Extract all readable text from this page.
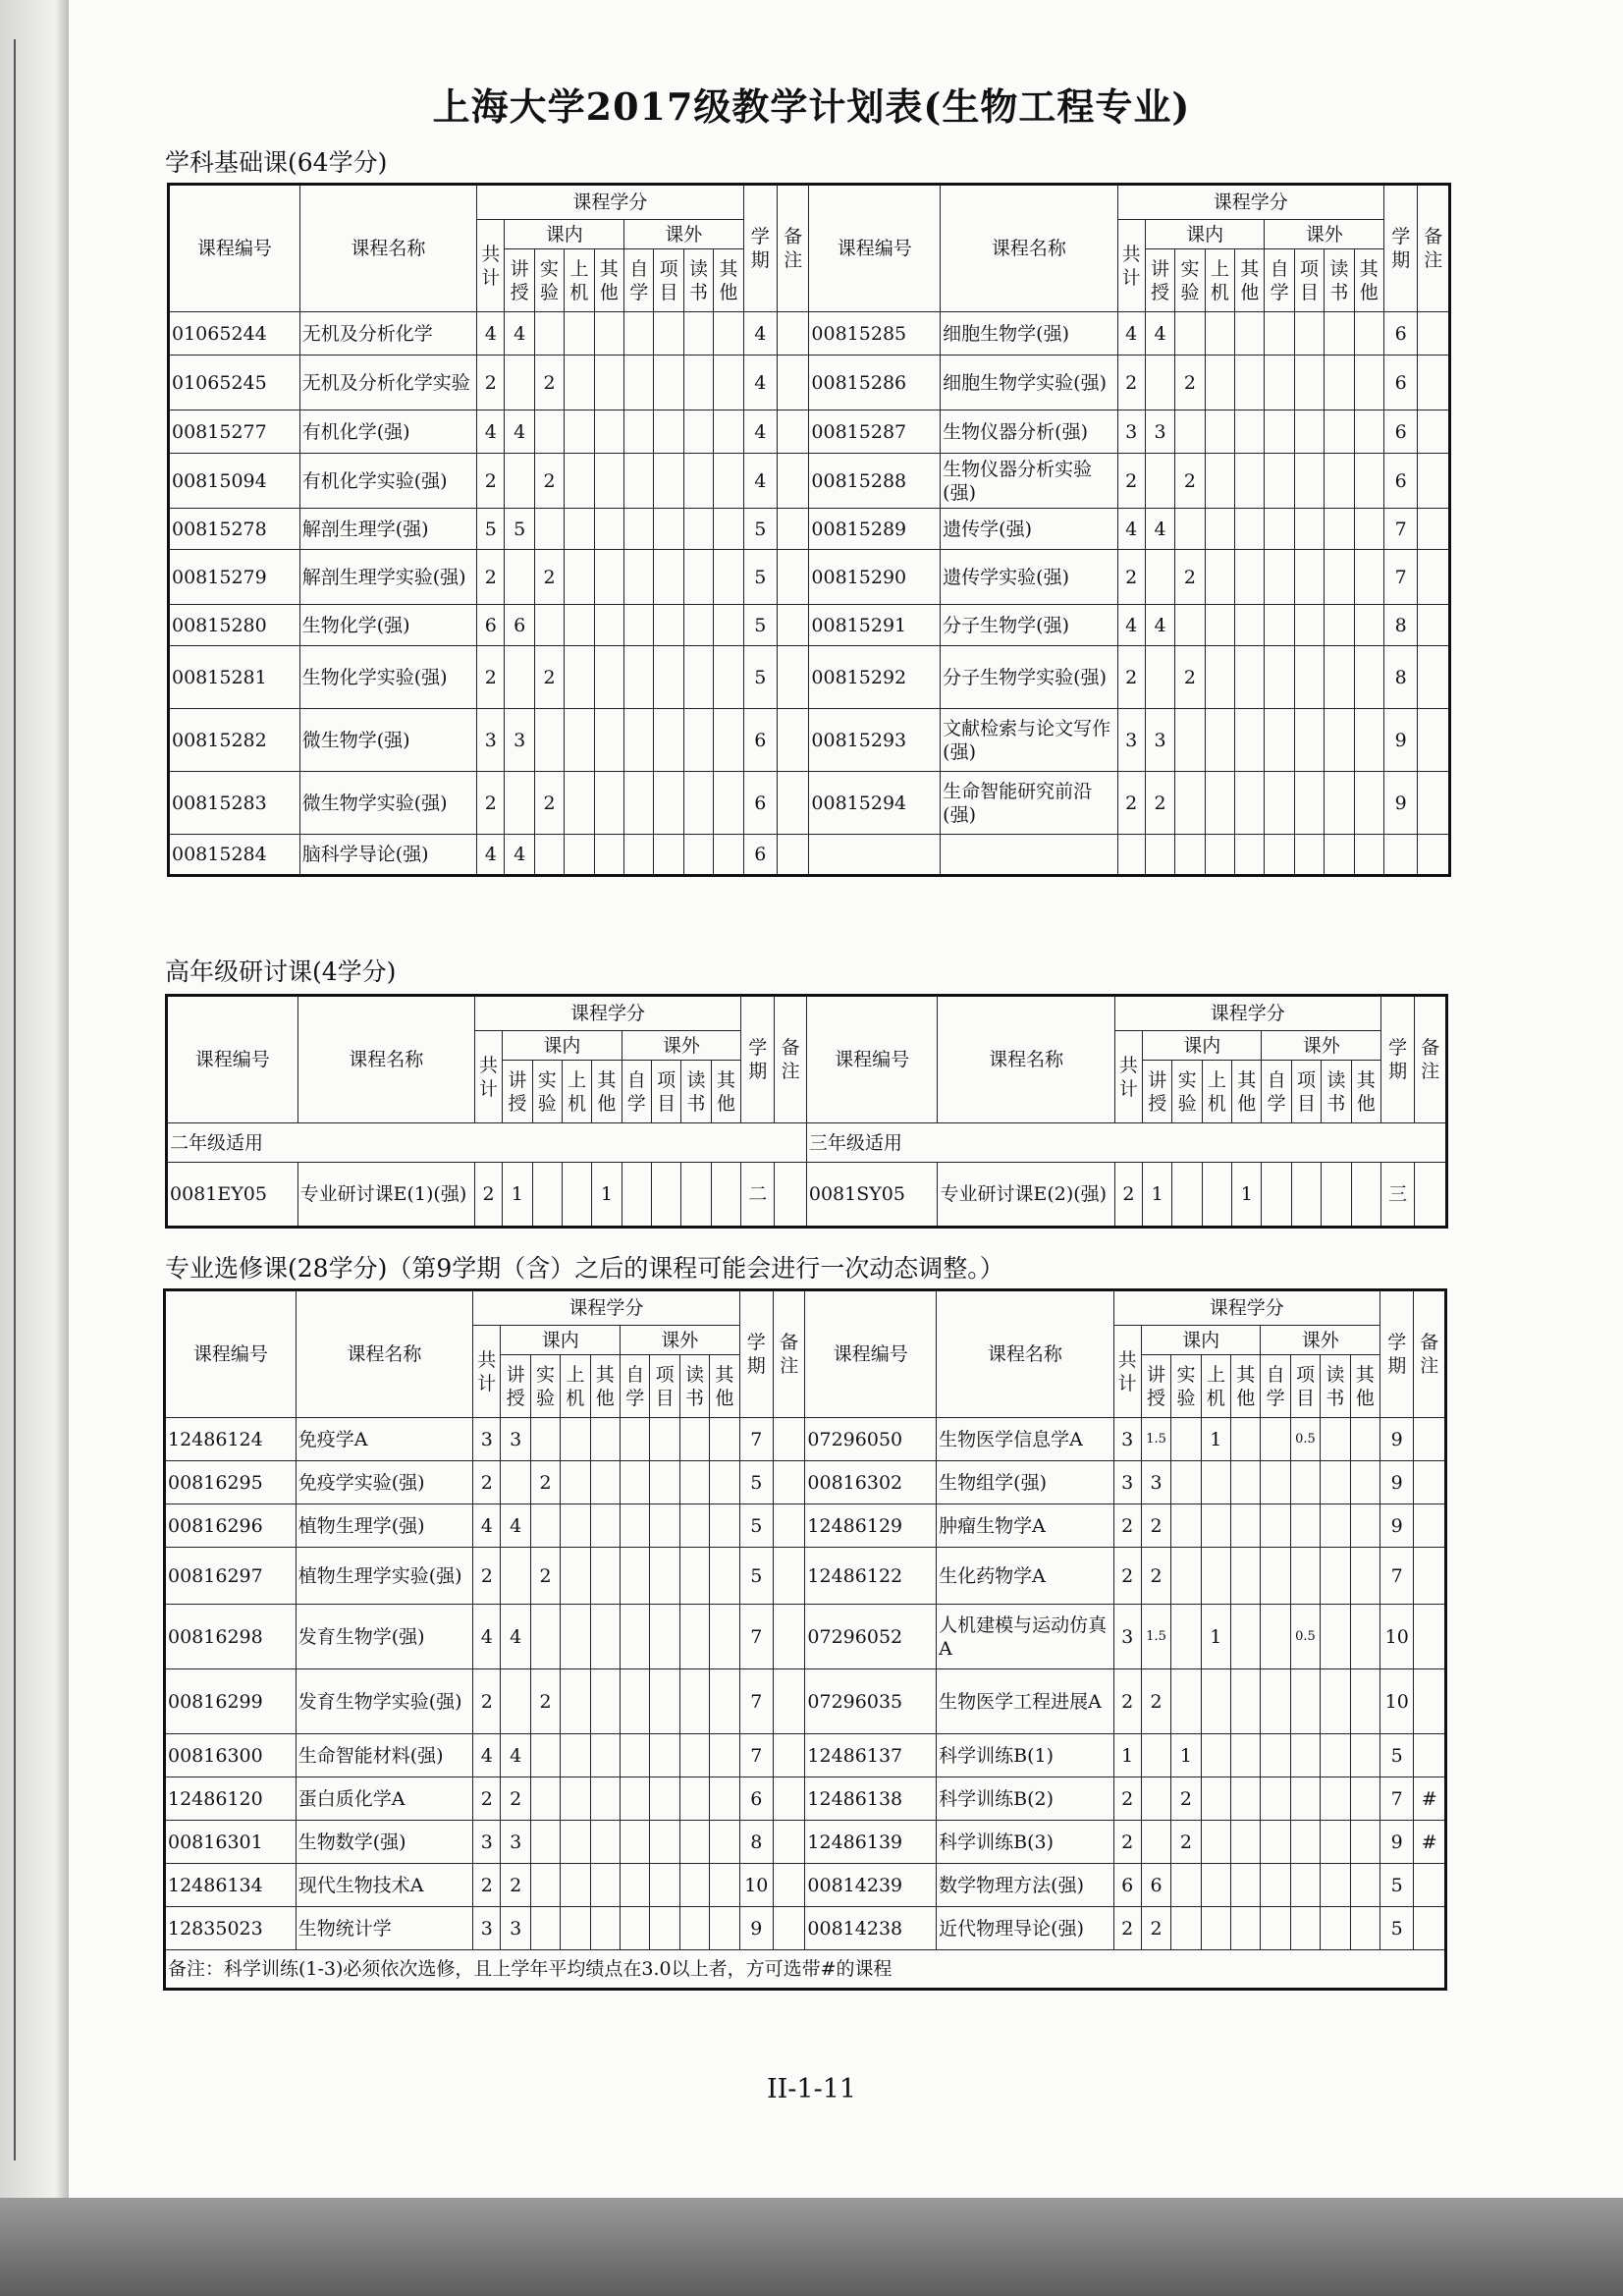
上海大学2017级教学计划表(生物工程专业)
学科基础课(64学分)
课程编号	课程名称	课程学分									学期	备注	课程编号	课程名称	课程学分									学期	备注
		共计	课内				课外								共计	课内				课外					
			讲授	实验	上机	其他	自学	项目	读书	其他						讲授	实验	上机	其他	自学	项目	读书	其他		
01065244	无机及分析化学	4	4								4		00815285	细胞生物学(强)	4	4								6	
01065245	无机及分析化学实验	2		2							4		00815286	细胞生物学实验(强)	2		2							6	
00815277	有机化学(强)	4	4								4		00815287	生物仪器分析(强)	3	3								6	
00815094	有机化学实验(强)	2		2							4		00815288	生物仪器分析实验(强)	2		2							6	
00815278	解剖生理学(强)	5	5								5		00815289	遗传学(强)	4	4								7	
00815279	解剖生理学实验(强)	2		2							5		00815290	遗传学实验(强)	2		2							7	
00815280	生物化学(强)	6	6								5		00815291	分子生物学(强)	4	4								8	
00815281	生物化学实验(强)	2		2							5		00815292	分子生物学实验(强)	2		2							8	
00815282	微生物学(强)	3	3								6		00815293	文献检索与论文写作(强)	3	3								9	
00815283	微生物学实验(强)	2		2							6		00815294	生命智能研究前沿(强)	2	2								9	
00815284	脑科学导论(强)	4	4								6														
高年级研讨课(4学分)
课程编号	课程名称	课程学分									学期	备注	课程编号	课程名称	课程学分									学期	备注
		共计	课内				课外								共计	课内				课外					
			讲授	实验	上机	其他	自学	项目	读书	其他						讲授	实验	上机	其他	自学	项目	读书	其他		
二年级适用													三年级适用												
0081EY05	专业研讨课E(1)(强)	2	1			1					二		0081SY05	专业研讨课E(2)(强)	2	1			1					三	
专业选修课(28学分)（第9学期（含）之后的课程可能会进行一次动态调整。）
课程编号	课程名称	课程学分									学期	备注	课程编号	课程名称	课程学分									学期	备注
		共计	课内				课外								共计	课内				课外					
			讲授	实验	上机	其他	自学	项目	读书	其他						讲授	实验	上机	其他	自学	项目	读书	其他		
12486124	免疫学A	3	3								7		07296050	生物医学信息学A	3	1.5		1			0.5			9	
00816295	免疫学实验(强)	2		2							5		00816302	生物组学(强)	3	3								9	
00816296	植物生理学(强)	4	4								5		12486129	肿瘤生物学A	2	2								9	
00816297	植物生理学实验(强)	2		2							5		12486122	生化药物学A	2	2								7	
00816298	发育生物学(强)	4	4								7		07296052	人机建模与运动仿真A	3	1.5		1			0.5			10	
00816299	发育生物学实验(强)	2		2							7		07296035	生物医学工程进展A	2	2								10	
00816300	生命智能材料(强)	4	4								7		12486137	科学训练B(1)	1		1							5	
12486120	蛋白质化学A	2	2								6		12486138	科学训练B(2)	2		2							7	#
00816301	生物数学(强)	3	3								8		12486139	科学训练B(3)	2		2							9	#
12486134	现代生物技术A	2	2								10		00814239	数学物理方法(强)	6	6								5	
12835023	生物统计学	3	3								9		00814238	近代物理导论(强)	2	2								5	
备注：科学训练(1-3)必须依次选修，且上学年平均绩点在3.0以上者，方可选带#的课程																									
II-1-11
